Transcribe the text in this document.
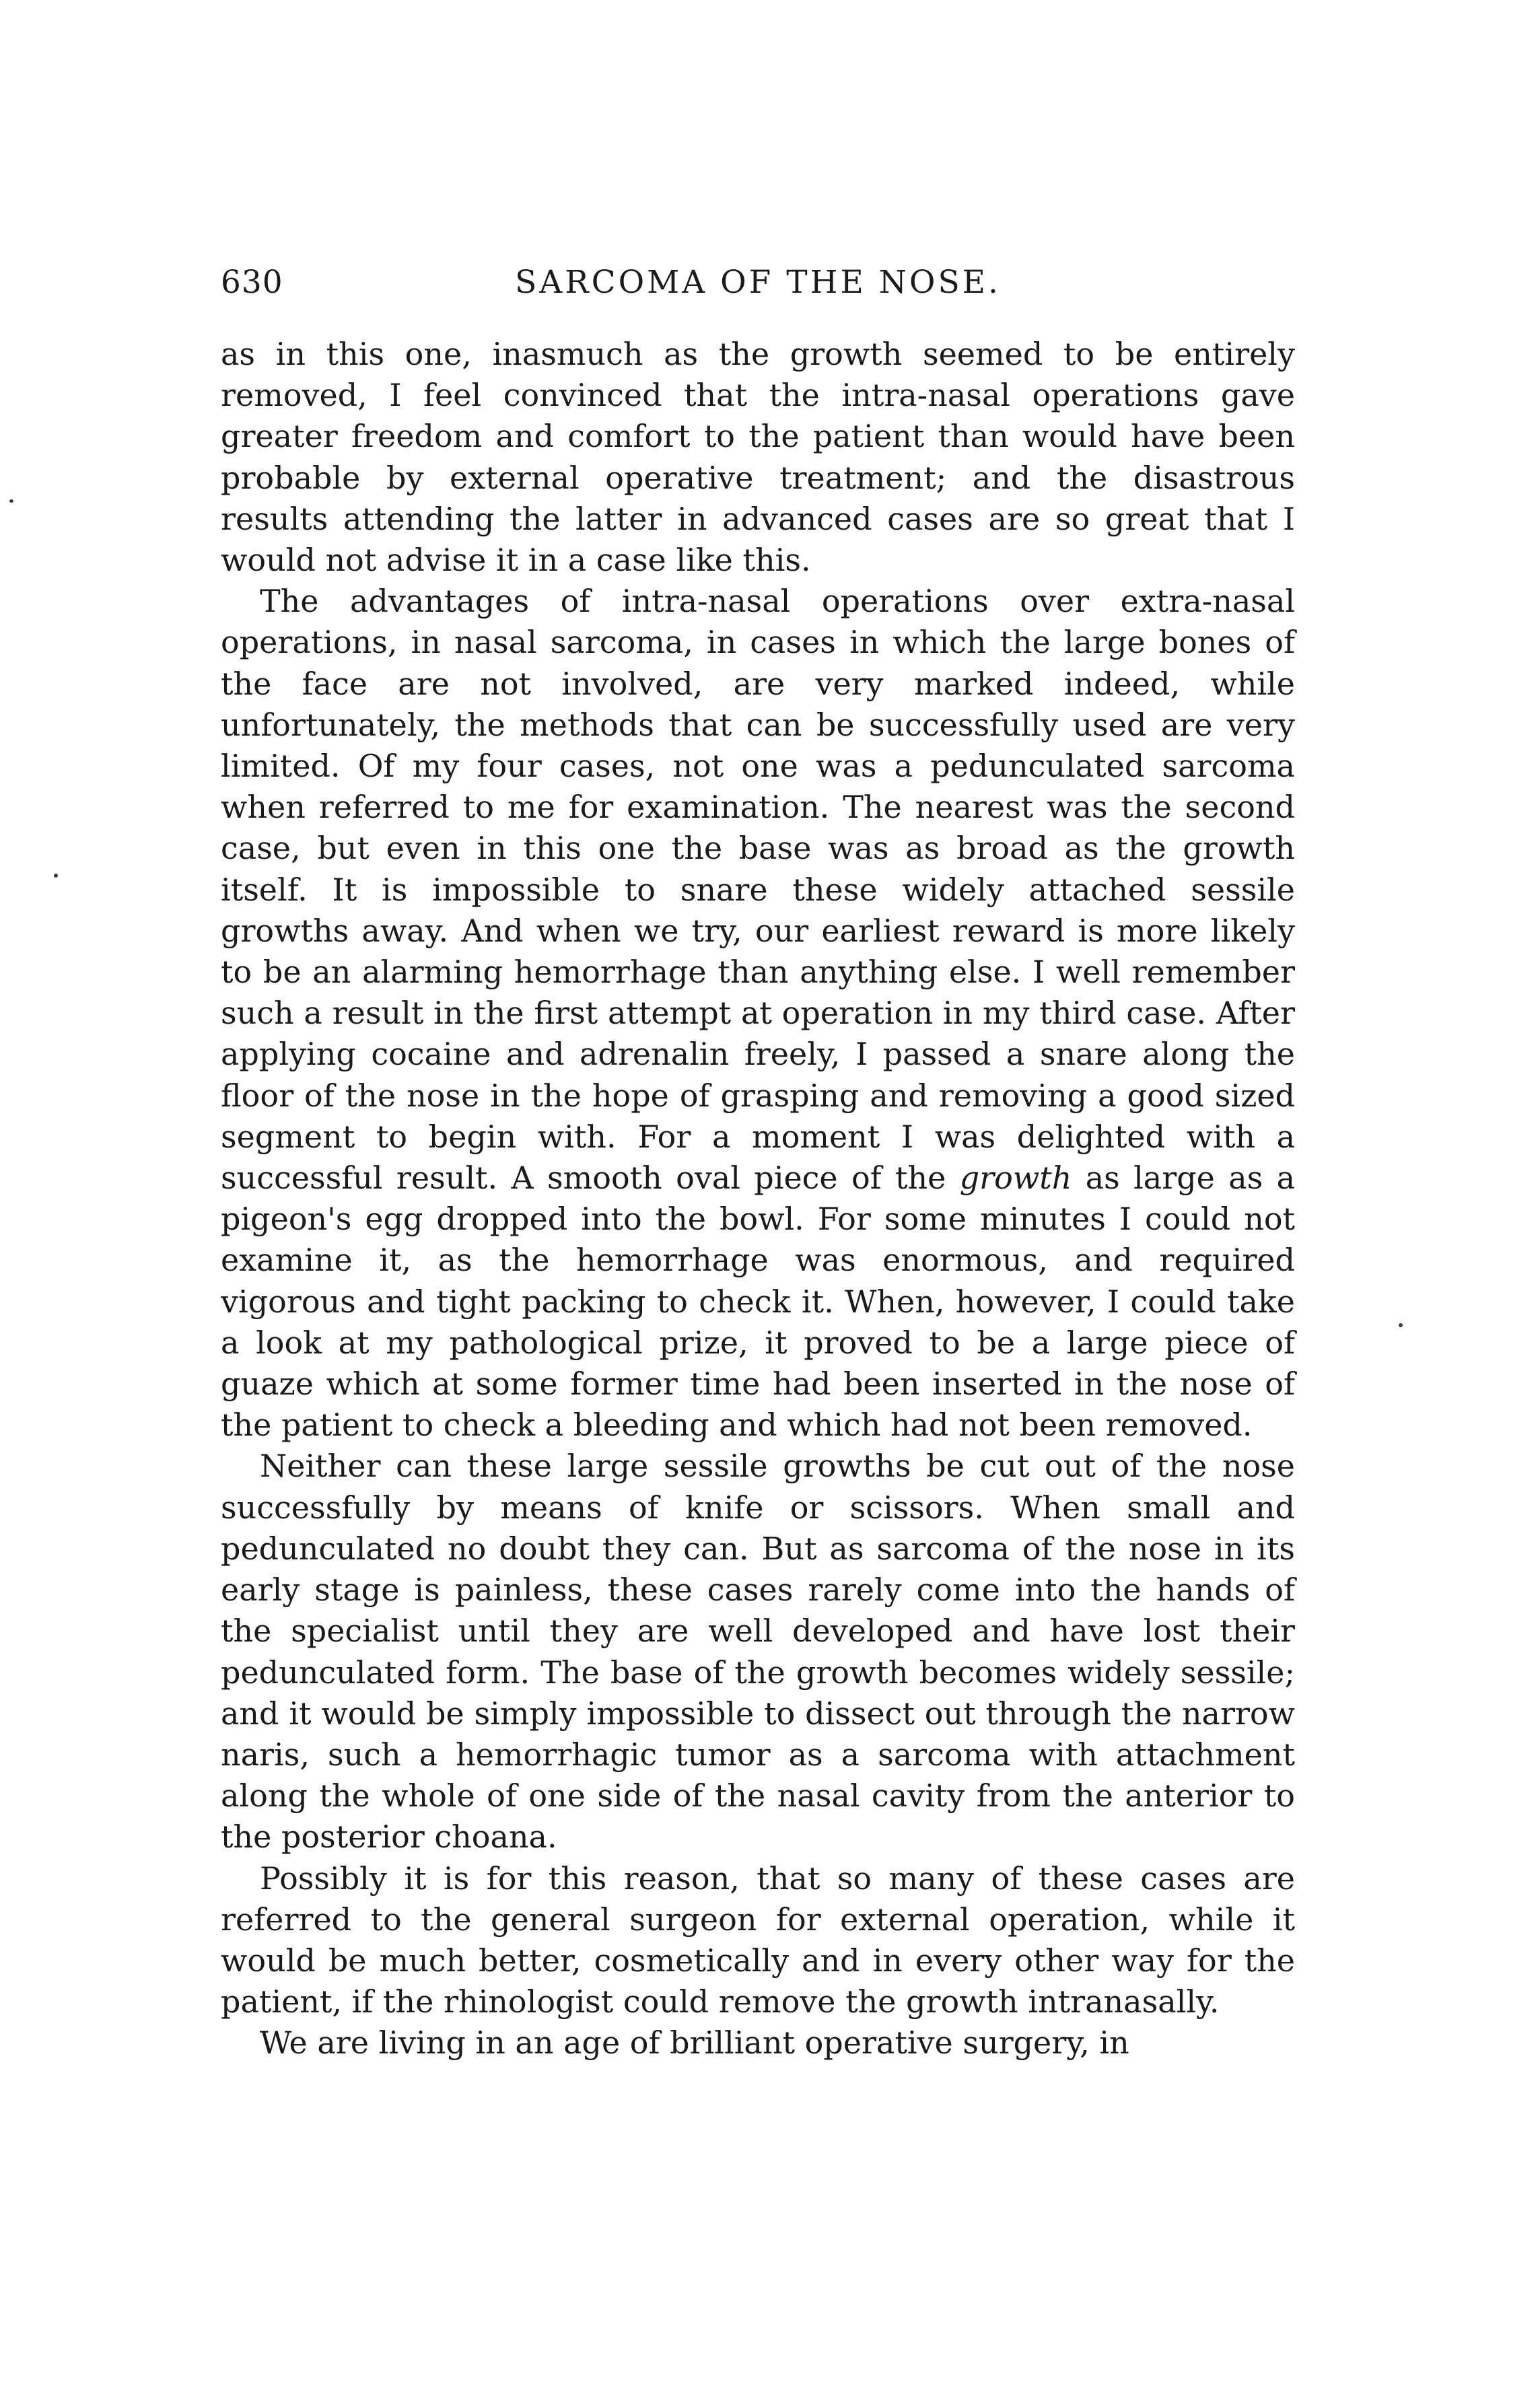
630	SARCOMA OF THE NOSE.

as in this one, inasmuch as the growth seemed to be entirely removed, I feel convinced that the intra-nasal operations gave greater freedom and comfort to the patient than would have been probable by external operative treatment; and the disastrous results attending the latter in advanced cases are so great that I would not advise it in a case like this.

The advantages of intra-nasal operations over extra-nasal operations, in nasal sarcoma, in cases in which the large bones of the face are not involved, are very marked indeed, while unfortunately, the methods that can be successfully used are very limited. Of my four cases, not one was a pedunculated sarcoma when referred to me for examination. The nearest was the second case, but even in this one the base was as broad as the growth itself. It is impossible to snare these widely attached sessile growths away. And when we try, our earliest reward is more likely to be an alarming hemorrhage than anything else. I well remember such a result in the first attempt at operation in my third case. After applying cocaine and adrenalin freely, I passed a snare along the floor of the nose in the hope of grasping and removing a good sized segment to begin with. For a moment I was delighted with a successful result. A smooth oval piece of the growth as large as a pigeon's egg dropped into the bowl. For some minutes I could not examine it, as the hemorrhage was enormous, and required vigorous and tight packing to check it. When, however, I could take a look at my pathological prize, it proved to be a large piece of guaze which at some former time had been inserted in the nose of the patient to check a bleeding and which had not been removed.

Neither can these large sessile growths be cut out of the nose successfully by means of knife or scissors. When small and pedunculated no doubt they can. But as sarcoma of the nose in its early stage is painless, these cases rarely come into the hands of the specialist until they are well developed and have lost their pedunculated form. The base of the growth becomes widely sessile; and it would be simply impossible to dissect out through the narrow naris, such a hemorrhagic tumor as a sarcoma with attachment along the whole of one side of the nasal cavity from the anterior to the posterior choana.

Possibly it is for this reason, that so many of these cases are referred to the general surgeon for external operation, while it would be much better, cosmetically and in every other way for the patient, if the rhinologist could remove the growth intranasally.

We are living in an age of brilliant operative surgery, in
